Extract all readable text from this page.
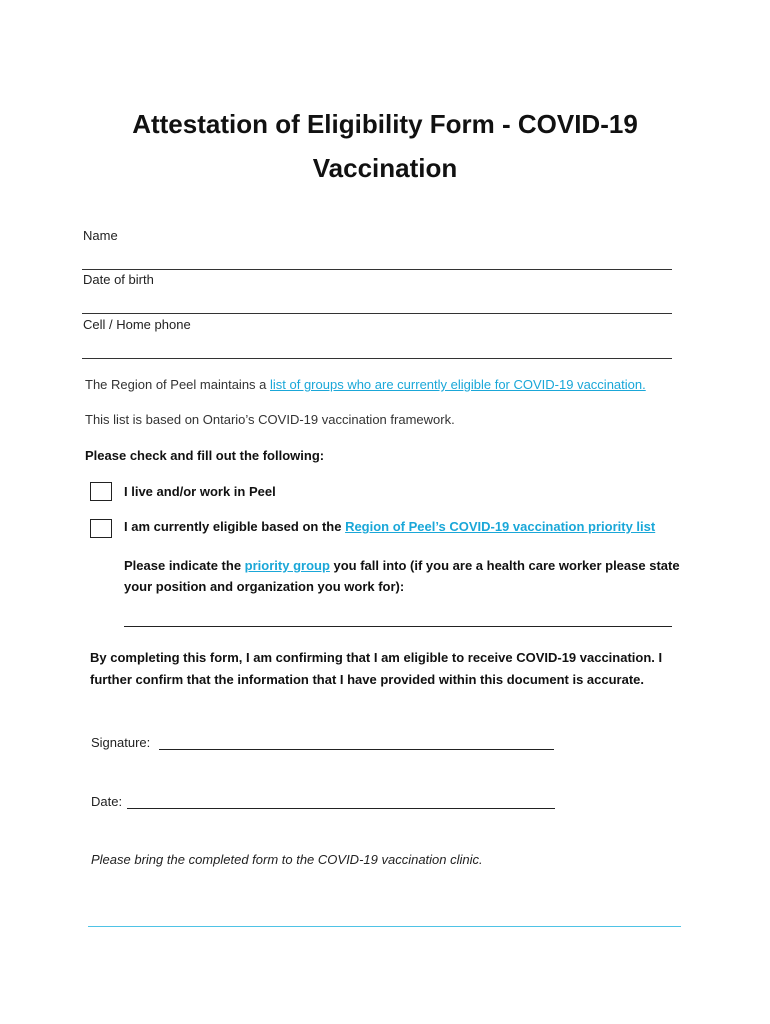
Attestation of Eligibility Form - COVID-19
Vaccination
Name
Date of birth
Cell / Home phone
The Region of Peel maintains a list of groups who are currently eligible for COVID-19 vaccination.
This list is based on Ontario’s COVID-19 vaccination framework.
Please check and fill out the following:
I live and/or work in Peel
I am currently eligible based on the Region of Peel’s COVID-19 vaccination priority list
Please indicate the priority group you fall into (if you are a health care worker please state your position and organization you work for):
By completing this form, I am confirming that I am eligible to receive COVID-19 vaccination. I further confirm that the information that I have provided within this document is accurate.
Signature:
Date:
Please bring the completed form to the COVID-19 vaccination clinic.
